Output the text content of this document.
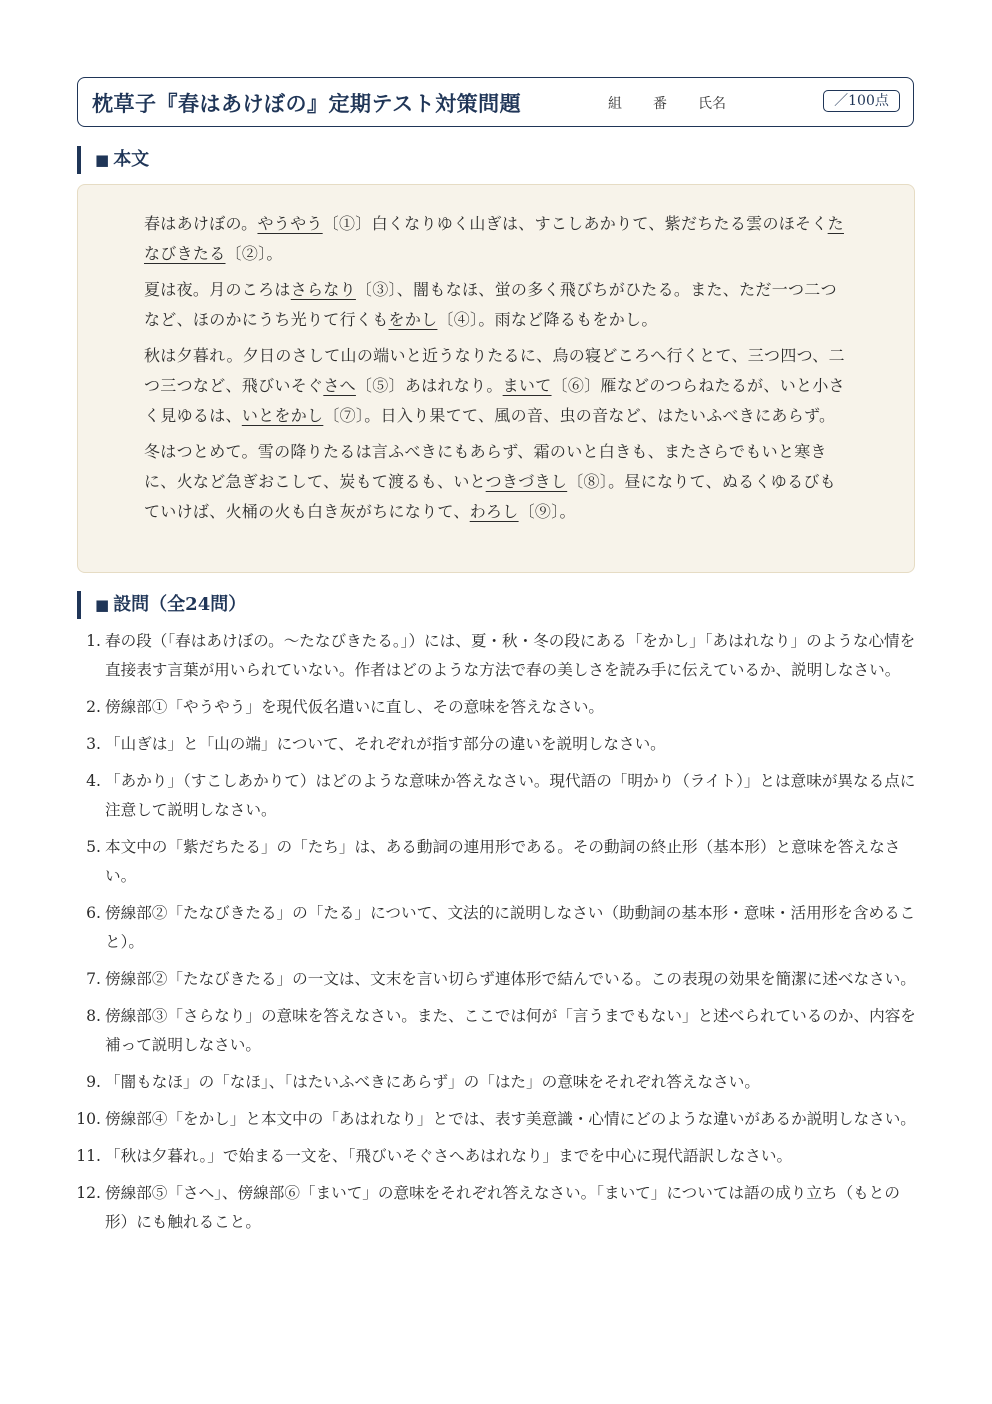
枕草子『春はあけぼの』定期テスト対策問題	組 番 氏名	／100点
■ 本文

春はあけぼの。やうやう〔①〕白くなりゆく山ぎは、すこしあかりて、紫だちたる雲のほそくたなびきたる〔②〕。

夏は夜。月のころはさらなり〔③〕、闇もなほ、蛍の多く飛びちがひたる。また、ただ一つ二つなど、ほのかにうち光りて行くもをかし〔④〕。雨など降るもをかし。

秋は夕暮れ。夕日のさして山の端いと近うなりたるに、烏の寝どころへ行くとて、三つ四つ、二つ三つなど、飛びいそぐさへ〔⑤〕あはれなり。まいて〔⑥〕雁などのつらねたるが、いと小さく見ゆるは、いとをかし〔⑦〕。日入り果てて、風の音、虫の音など、はたいふべきにあらず。

冬はつとめて。雪の降りたるは言ふべきにもあらず、霜のいと白きも、またさらでもいと寒きに、火など急ぎおこして、炭もて渡るも、いとつきづきし〔⑧〕。昼になりて、ぬるくゆるびもていけば、火桶の火も白き灰がちになりて、わろし〔⑨〕。

■ 設問（全24問）
1. 春の段（「春はあけぼの。〜たなびきたる。」）には、夏・秋・冬の段にある「をかし」「あはれなり」のような心情を直接表す言葉が用いられていない。作者はどのような方法で春の美しさを読み手に伝えているか、説明しなさい。
2. 傍線部①「やうやう」を現代仮名遣いに直し、その意味を答えなさい。
3. 「山ぎは」と「山の端」について、それぞれが指す部分の違いを説明しなさい。
4. 「あかり」（すこしあかりて）はどのような意味か答えなさい。現代語の「明かり（ライト）」とは意味が異なる点に注意して説明しなさい。
5. 本文中の「紫だちたる」の「たち」は、ある動詞の連用形である。その動詞の終止形（基本形）と意味を答えなさい。
6. 傍線部②「たなびきたる」の「たる」について、文法的に説明しなさい（助動詞の基本形・意味・活用形を含めること）。
7. 傍線部②「たなびきたる」の一文は、文末を言い切らず連体形で結んでいる。この表現の効果を簡潔に述べなさい。
8. 傍線部③「さらなり」の意味を答えなさい。また、ここでは何が「言うまでもない」と述べられているのか、内容を補って説明しなさい。
9. 「闇もなほ」の「なほ」、「はたいふべきにあらず」の「はた」の意味をそれぞれ答えなさい。
10. 傍線部④「をかし」と本文中の「あはれなり」とでは、表す美意識・心情にどのような違いがあるか説明しなさい。
11. 「秋は夕暮れ。」で始まる一文を、「飛びいそぐさへあはれなり」までを中心に現代語訳しなさい。
12. 傍線部⑤「さへ」、傍線部⑥「まいて」の意味をそれぞれ答えなさい。「まいて」については語の成り立ち（もとの形）にも触れること。
